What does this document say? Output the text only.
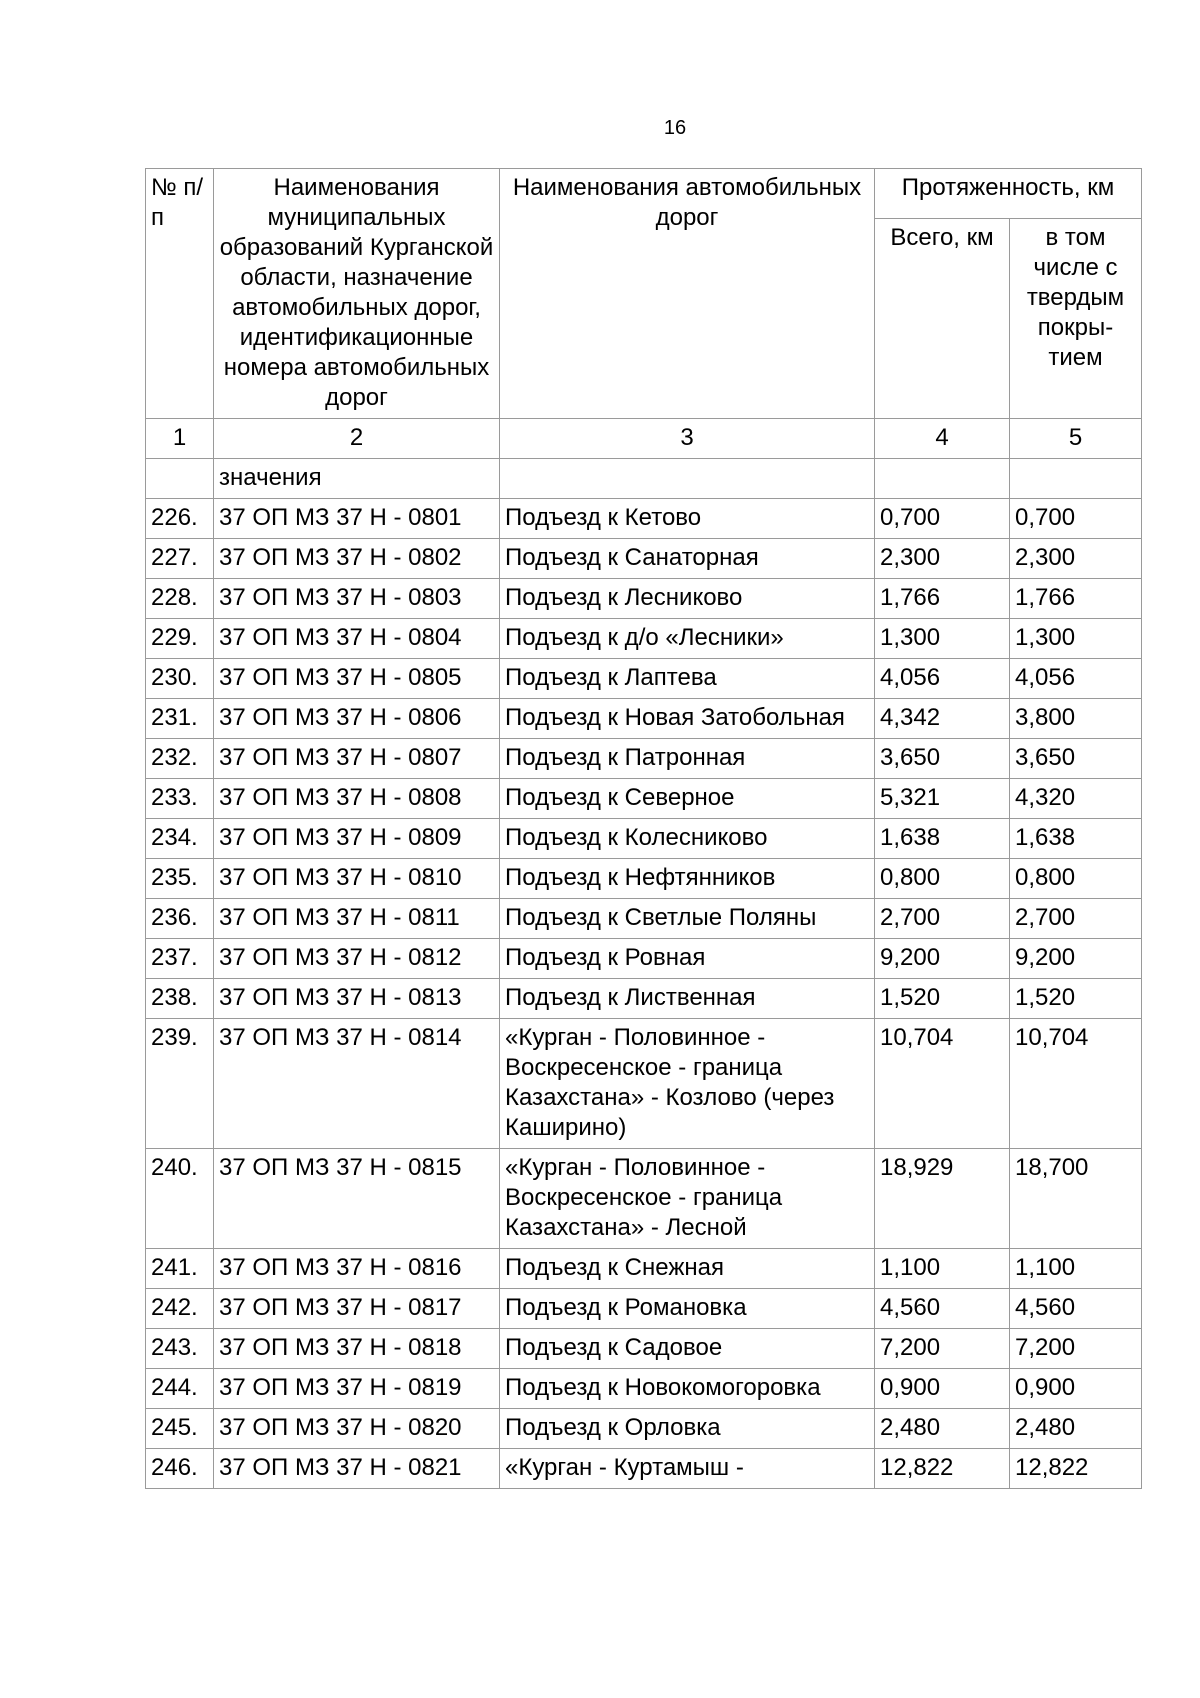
16
№ п/п	Наименования муниципальных образований Курганской области, назначение автомобильных дорог, идентификационные номера автомобильных дорог	Наименования автомобильных дорог	Протяженность, км	
			Всего, км	в том числе с твердым покры-тием
1	2	3	4	5
	значения			
226.	37 ОП МЗ 37 Н - 0801	Подъезд к Кетово	0,700	0,700
227.	37 ОП МЗ 37 Н - 0802	Подъезд к Санаторная	2,300	2,300
228.	37 ОП МЗ 37 Н - 0803	Подъезд к Лесниково	1,766	1,766
229.	37 ОП МЗ 37 Н - 0804	Подъезд к д/о «Лесники»	1,300	1,300
230.	37 ОП МЗ 37 Н - 0805	Подъезд к Лаптева	4,056	4,056
231.	37 ОП МЗ 37 Н - 0806	Подъезд к Новая Затобольная	4,342	3,800
232.	37 ОП МЗ 37 Н - 0807	Подъезд к Патронная	3,650	3,650
233.	37 ОП МЗ 37 Н - 0808	Подъезд к Северное	5,321	4,320
234.	37 ОП МЗ 37 Н - 0809	Подъезд к Колесниково	1,638	1,638
235.	37 ОП МЗ 37 Н - 0810	Подъезд к Нефтянников	0,800	0,800
236.	37 ОП МЗ 37 Н - 0811	Подъезд к Светлые Поляны	2,700	2,700
237.	37 ОП МЗ 37 Н - 0812	Подъезд к Ровная	9,200	9,200
238.	37 ОП МЗ 37 Н - 0813	Подъезд к Лиственная	1,520	1,520
239.	37 ОП МЗ 37 Н - 0814	«Курган - Половинное - Воскресенское - граница Казахстана» - Козлово (через Каширино)	10,704	10,704
240.	37 ОП МЗ 37 Н - 0815	«Курган - Половинное - Воскресенское - граница Казахстана» - Лесной	18,929	18,700
241.	37 ОП МЗ 37 Н - 0816	Подъезд к Снежная	1,100	1,100
242.	37 ОП МЗ 37 Н - 0817	Подъезд к Романовка	4,560	4,560
243.	37 ОП МЗ 37 Н - 0818	Подъезд к Садовое	7,200	7,200
244.	37 ОП МЗ 37 Н - 0819	Подъезд к Новокомогоровка	0,900	0,900
245.	37 ОП МЗ 37 Н - 0820	Подъезд к Орловка	2,480	2,480
246.	37 ОП МЗ 37 Н - 0821	«Курган - Куртамыш -	12,822	12,822
